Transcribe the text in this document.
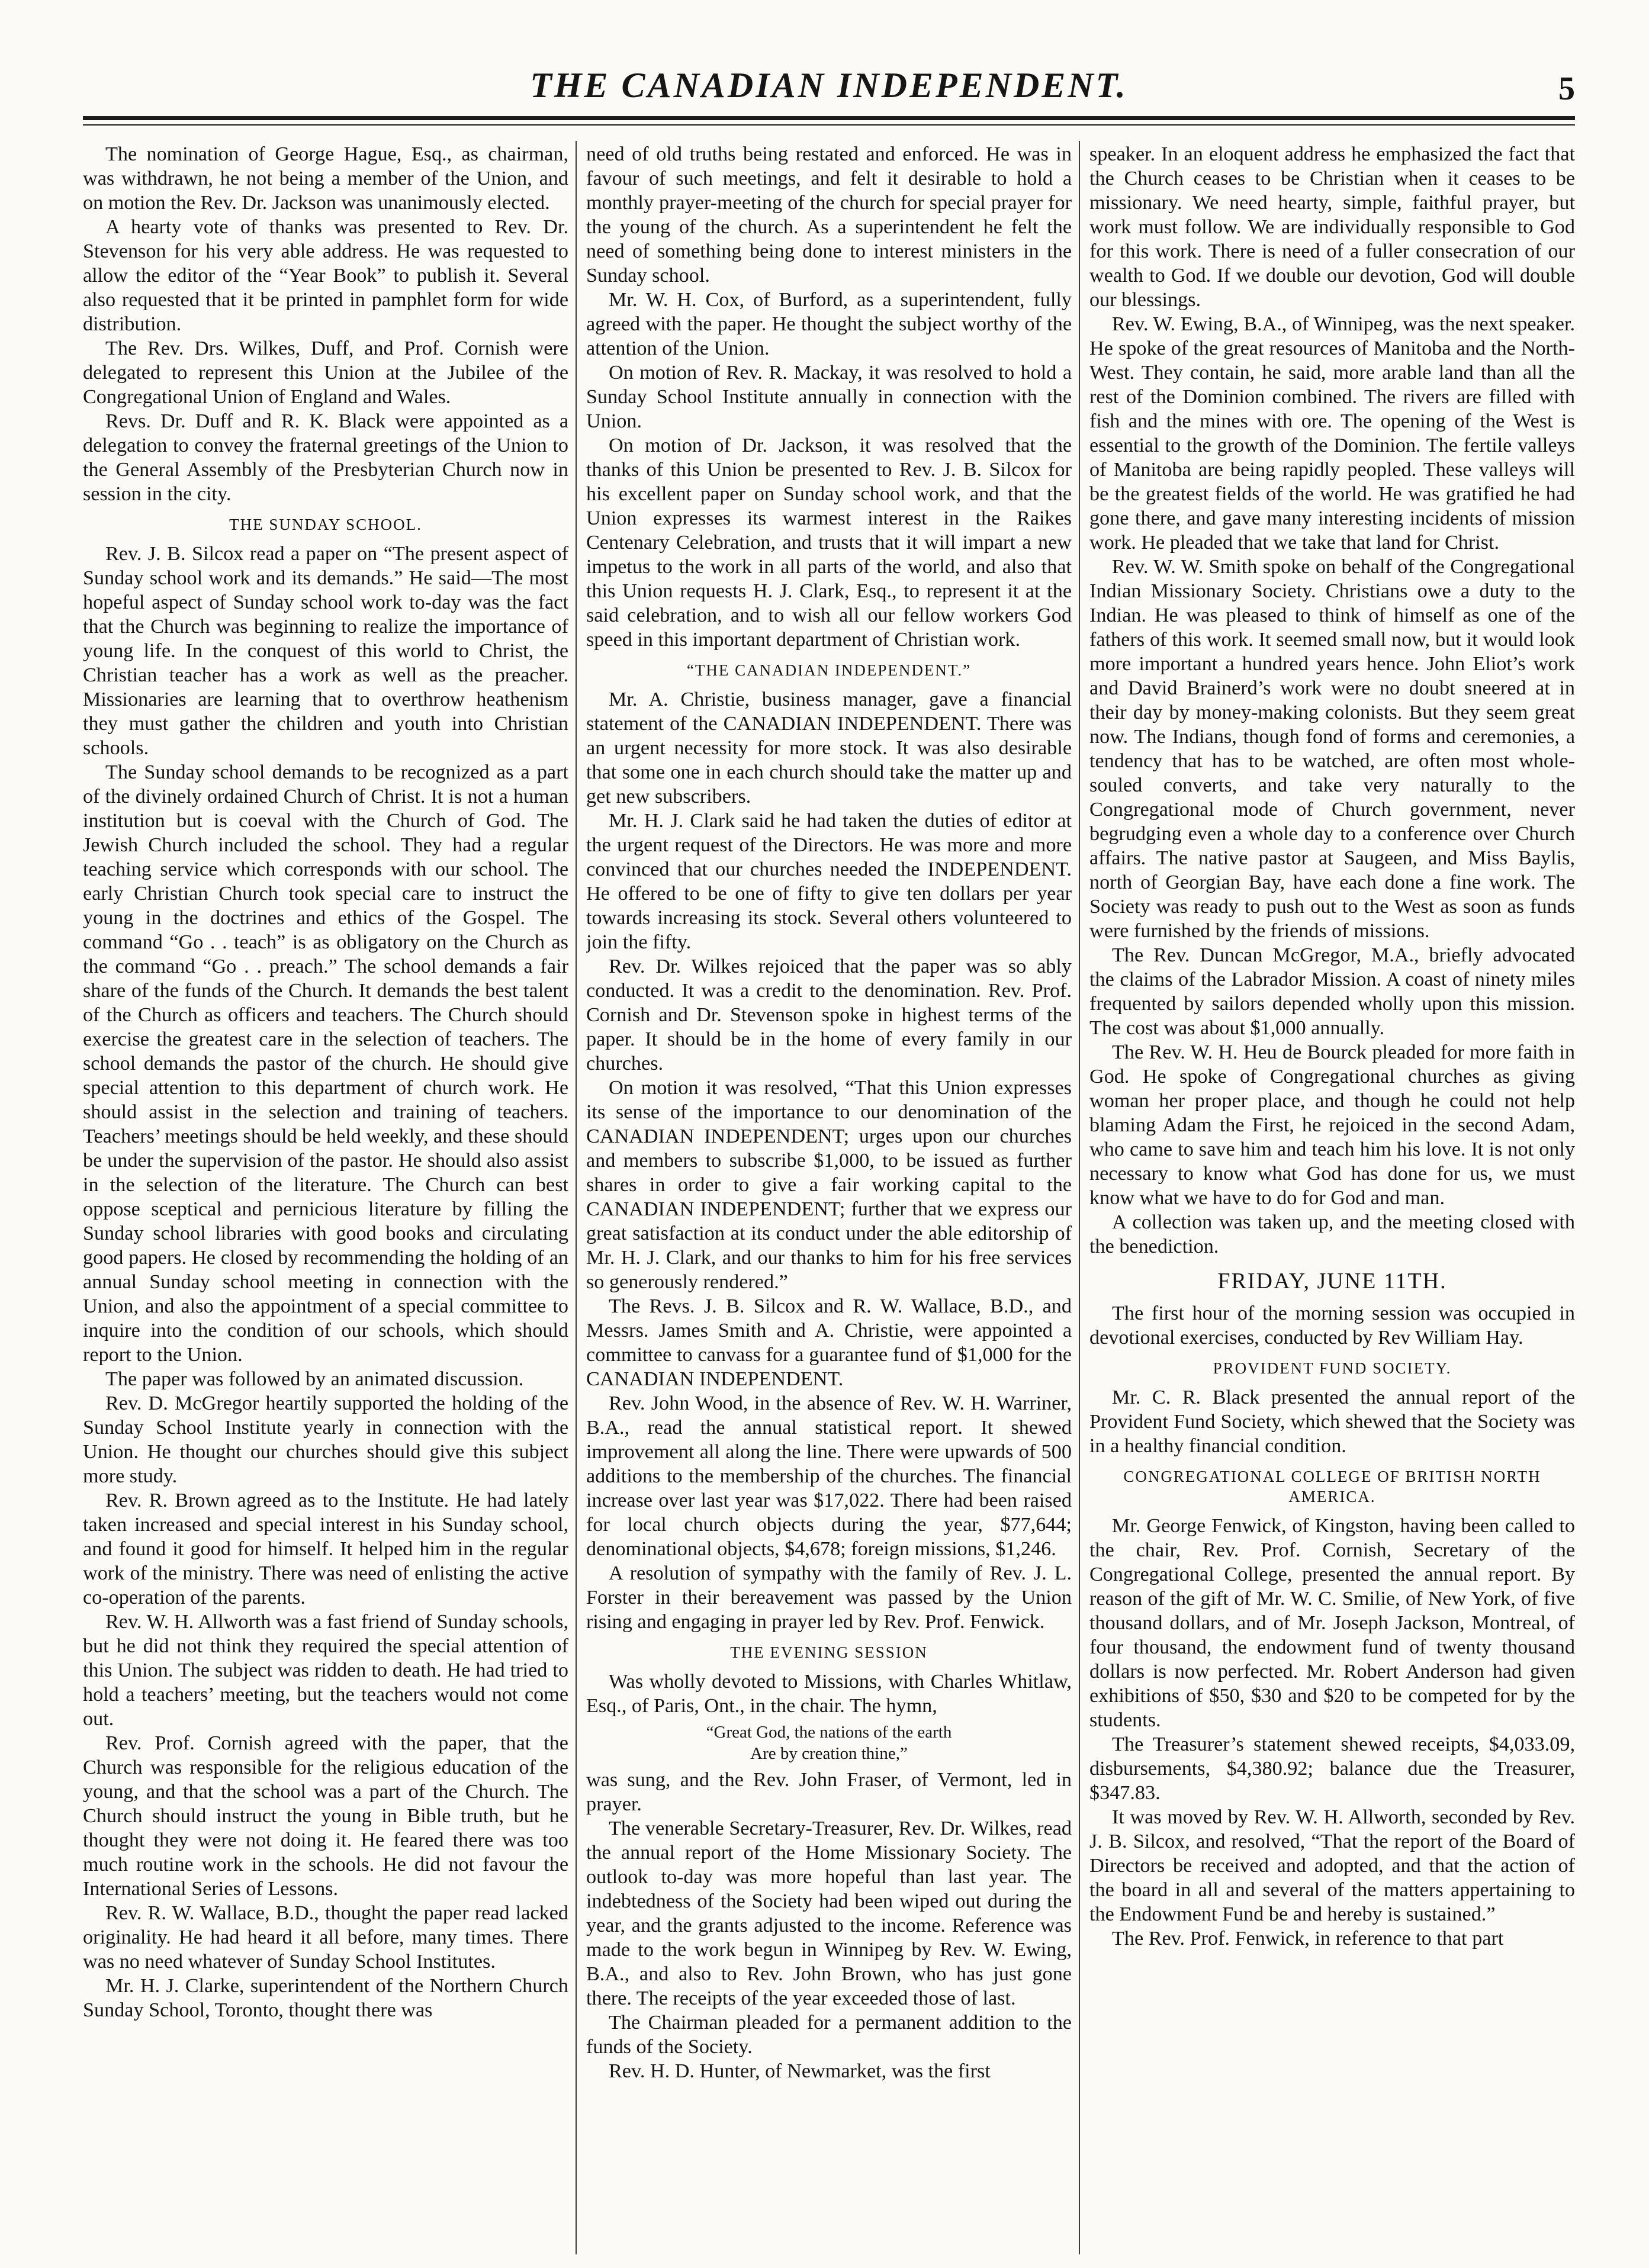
THE CANADIAN INDEPENDENT.	5

The nomination of George Hague, Esq., as chairman, was withdrawn, he not being a member of the Union, and on motion the Rev. Dr. Jackson was unanimously elected.

A hearty vote of thanks was presented to Rev. Dr. Stevenson for his very able address. He was requested to allow the editor of the “Year Book” to publish it. Several also requested that it be printed in pamphlet form for wide distribution.

The Rev. Drs. Wilkes, Duff, and Prof. Cornish were delegated to represent this Union at the Jubilee of the Congregational Union of England and Wales.

Revs. Dr. Duff and R. K. Black were appointed as a delegation to convey the fraternal greetings of the Union to the General Assembly of the Presbyterian Church now in session in the city.

THE SUNDAY SCHOOL.

Rev. J. B. Silcox read a paper on “The present aspect of Sunday school work and its demands.” He said—The most hopeful aspect of Sunday school work to-day was the fact that the Church was beginning to realize the importance of young life. In the conquest of this world to Christ, the Christian teacher has a work as well as the preacher. Missionaries are learning that to overthrow heathenism they must gather the children and youth into Christian schools.

The Sunday school demands to be recognized as a part of the divinely ordained Church of Christ. It is not a human institution but is coeval with the Church of God. The Jewish Church included the school. They had a regular teaching service which corresponds with our school. The early Christian Church took special care to instruct the young in the doctrines and ethics of the Gospel. The command “Go . . teach” is as obligatory on the Church as the command “Go . . preach.” The school demands a fair share of the funds of the Church. It demands the best talent of the Church as officers and teachers. The Church should exercise the greatest care in the selection of teachers. The school demands the pastor of the church. He should give special attention to this department of church work. He should assist in the selection and training of teachers. Teachers’ meetings should be held weekly, and these should be under the supervision of the pastor. He should also assist in the selection of the literature. The Church can best oppose sceptical and pernicious literature by filling the Sunday school libraries with good books and circulating good papers. He closed by recommending the holding of an annual Sunday school meeting in connection with the Union, and also the appointment of a special committee to inquire into the condition of our schools, which should report to the Union.

The paper was followed by an animated discussion.

Rev. D. McGregor heartily supported the holding of the Sunday School Institute yearly in connection with the Union. He thought our churches should give this subject more study.

Rev. R. Brown agreed as to the Institute. He had lately taken increased and special interest in his Sunday school, and found it good for himself. It helped him in the regular work of the ministry. There was need of enlisting the active co-operation of the parents.

Rev. W. H. Allworth was a fast friend of Sunday schools, but he did not think they required the special attention of this Union. The subject was ridden to death. He had tried to hold a teachers’ meeting, but the teachers would not come out.

Rev. Prof. Cornish agreed with the paper, that the Church was responsible for the religious education of the young, and that the school was a part of the Church. The Church should instruct the young in Bible truth, but he thought they were not doing it. He feared there was too much routine work in the schools. He did not favour the International Series of Lessons.

Rev. R. W. Wallace, B.D., thought the paper read lacked originality. He had heard it all before, many times. There was no need whatever of Sunday School Institutes.

Mr. H. J. Clarke, superintendent of the Northern Church Sunday School, Toronto, thought there was

need of old truths being restated and enforced. He was in favour of such meetings, and felt it desirable to hold a monthly prayer-meeting of the church for special prayer for the young of the church. As a superintendent he felt the need of something being done to interest ministers in the Sunday school.

Mr. W. H. Cox, of Burford, as a superintendent, fully agreed with the paper. He thought the subject worthy of the attention of the Union.

On motion of Rev. R. Mackay, it was resolved to hold a Sunday School Institute annually in connection with the Union.

On motion of Dr. Jackson, it was resolved that the thanks of this Union be presented to Rev. J. B. Silcox for his excellent paper on Sunday school work, and that the Union expresses its warmest interest in the Raikes Centenary Celebration, and trusts that it will impart a new impetus to the work in all parts of the world, and also that this Union requests H. J. Clark, Esq., to represent it at the said celebration, and to wish all our fellow workers God speed in this important department of Christian work.

“THE CANADIAN INDEPENDENT.”

Mr. A. Christie, business manager, gave a financial statement of the CANADIAN INDEPENDENT. There was an urgent necessity for more stock. It was also desirable that some one in each church should take the matter up and get new subscribers.

Mr. H. J. Clark said he had taken the duties of editor at the urgent request of the Directors. He was more and more convinced that our churches needed the INDEPENDENT. He offered to be one of fifty to give ten dollars per year towards increasing its stock. Several others volunteered to join the fifty.

Rev. Dr. Wilkes rejoiced that the paper was so ably conducted. It was a credit to the denomination. Rev. Prof. Cornish and Dr. Stevenson spoke in highest terms of the paper. It should be in the home of every family in our churches.

On motion it was resolved, “That this Union expresses its sense of the importance to our denomination of the CANADIAN INDEPENDENT; urges upon our churches and members to subscribe $1,000, to be issued as further shares in order to give a fair working capital to the CANADIAN INDEPENDENT; further that we express our great satisfaction at its conduct under the able editorship of Mr. H. J. Clark, and our thanks to him for his free services so generously rendered.”

The Revs. J. B. Silcox and R. W. Wallace, B.D., and Messrs. James Smith and A. Christie, were appointed a committee to canvass for a guarantee fund of $1,000 for the CANADIAN INDEPENDENT.

Rev. John Wood, in the absence of Rev. W. H. Warriner, B.A., read the annual statistical report. It shewed improvement all along the line. There were upwards of 500 additions to the membership of the churches. The financial increase over last year was $17,022. There had been raised for local church objects during the year, $77,644; denominational objects, $4,678; foreign missions, $1,246.

A resolution of sympathy with the family of Rev. J. L. Forster in their bereavement was passed by the Union rising and engaging in prayer led by Rev. Prof. Fenwick.

THE EVENING SESSION

Was wholly devoted to Missions, with Charles Whitlaw, Esq., of Paris, Ont., in the chair. The hymn,

“Great God, the nations of the earth
Are by creation thine,”

was sung, and the Rev. John Fraser, of Vermont, led in prayer.

The venerable Secretary-Treasurer, Rev. Dr. Wilkes, read the annual report of the Home Missionary Society. The outlook to-day was more hopeful than last year. The indebtedness of the Society had been wiped out during the year, and the grants adjusted to the income. Reference was made to the work begun in Winnipeg by Rev. W. Ewing, B.A., and also to Rev. John Brown, who has just gone there. The receipts of the year exceeded those of last.

The Chairman pleaded for a permanent addition to the funds of the Society.

Rev. H. D. Hunter, of Newmarket, was the first

speaker. In an eloquent address he emphasized the fact that the Church ceases to be Christian when it ceases to be missionary. We need hearty, simple, faithful prayer, but work must follow. We are individually responsible to God for this work. There is need of a fuller consecration of our wealth to God. If we double our devotion, God will double our blessings.

Rev. W. Ewing, B.A., of Winnipeg, was the next speaker. He spoke of the great resources of Manitoba and the North-West. They contain, he said, more arable land than all the rest of the Dominion combined. The rivers are filled with fish and the mines with ore. The opening of the West is essential to the growth of the Dominion. The fertile valleys of Manitoba are being rapidly peopled. These valleys will be the greatest fields of the world. He was gratified he had gone there, and gave many interesting incidents of mission work. He pleaded that we take that land for Christ.

Rev. W. W. Smith spoke on behalf of the Congregational Indian Missionary Society. Christians owe a duty to the Indian. He was pleased to think of himself as one of the fathers of this work. It seemed small now, but it would look more important a hundred years hence. John Eliot’s work and David Brainerd’s work were no doubt sneered at in their day by money-making colonists. But they seem great now. The Indians, though fond of forms and ceremonies, a tendency that has to be watched, are often most whole-souled converts, and take very naturally to the Congregational mode of Church government, never begrudging even a whole day to a conference over Church affairs. The native pastor at Saugeen, and Miss Baylis, north of Georgian Bay, have each done a fine work. The Society was ready to push out to the West as soon as funds were furnished by the friends of missions.

The Rev. Duncan McGregor, M.A., briefly advocated the claims of the Labrador Mission. A coast of ninety miles frequented by sailors depended wholly upon this mission. The cost was about $1,000 annually.

The Rev. W. H. Heu de Bourck pleaded for more faith in God. He spoke of Congregational churches as giving woman her proper place, and though he could not help blaming Adam the First, he rejoiced in the second Adam, who came to save him and teach him his love. It is not only necessary to know what God has done for us, we must know what we have to do for God and man.

A collection was taken up, and the meeting closed with the benediction.

FRIDAY, JUNE 11TH.

The first hour of the morning session was occupied in devotional exercises, conducted by Rev William Hay.

PROVIDENT FUND SOCIETY.

Mr. C. R. Black presented the annual report of the Provident Fund Society, which shewed that the Society was in a healthy financial condition.

CONGREGATIONAL COLLEGE OF BRITISH NORTH AMERICA.

Mr. George Fenwick, of Kingston, having been called to the chair, Rev. Prof. Cornish, Secretary of the Congregational College, presented the annual report. By reason of the gift of Mr. W. C. Smilie, of New York, of five thousand dollars, and of Mr. Joseph Jackson, Montreal, of four thousand, the endowment fund of twenty thousand dollars is now perfected. Mr. Robert Anderson had given exhibitions of $50, $30 and $20 to be competed for by the students.

The Treasurer’s statement shewed receipts, $4,033.09, disbursements, $4,380.92; balance due the Treasurer, $347.83.

It was moved by Rev. W. H. Allworth, seconded by Rev. J. B. Silcox, and resolved, “That the report of the Board of Directors be received and adopted, and that the action of the board in all and several of the matters appertaining to the Endowment Fund be and hereby is sustained.”

The Rev. Prof. Fenwick, in reference to that part
